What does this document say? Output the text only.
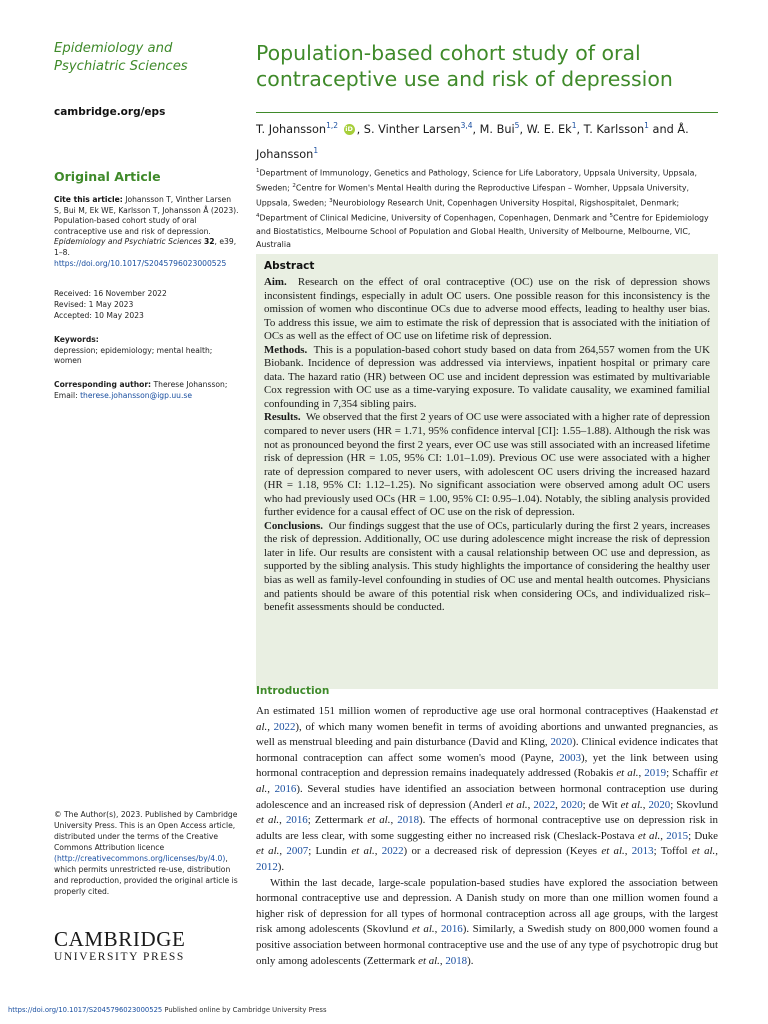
Epidemiology and Psychiatric Sciences

cambridge.org/eps
Original Article
Cite this article: Johansson T, Vinther Larsen S, Bui M, Ek WE, Karlsson T, Johansson Å (2023). Population-based cohort study of oral contraceptive use and risk of depression. Epidemiology and Psychiatric Sciences 32, e39, 1–8. https://doi.org/10.1017/S2045796023000525
Received: 16 November 2022
Revised: 1 May 2023
Accepted: 10 May 2023
Keywords:
depression; epidemiology; mental health; women
Corresponding author: Therese Johansson;
Email: therese.johansson@igp.uu.se
© The Author(s), 2023. Published by Cambridge University Press. This is an Open Access article, distributed under the terms of the Creative Commons Attribution licence (http://creativecommons.org/licenses/by/4.0), which permits unrestricted re-use, distribution and reproduction, provided the original article is properly cited.
CAMBRIDGE
UNIVERSITY PRESS
Population-based cohort study of oral contraceptive use and risk of depression
T. Johansson$^{1,2}$ iD , S. Vinther Larsen$^{3,4}$, M. Bui$^5$, W. E. Ek$^1$, T. Karlsson$^1$ and Å. Johansson$^1$
$^1$Department of Immunology, Genetics and Pathology, Science for Life Laboratory, Uppsala University, Uppsala, Sweden; $^2$Centre for Women's Mental Health during the Reproductive Lifespan – Womher, Uppsala University, Uppsala, Sweden; $^3$Neurobiology Research Unit, Copenhagen University Hospital, Rigshospitalet, Denmark; $^4$Department of Clinical Medicine, University of Copenhagen, Copenhagen, Denmark and $^5$Centre for Epidemiology and Biostatistics, Melbourne School of Population and Global Health, University of Melbourne, Melbourne, VIC, Australia
Abstract

Aim. Research on the effect of oral contraceptive (OC) use on the risk of depression shows inconsistent findings, especially in adult OC users. One possible reason for this inconsistency is the omission of women who discontinue OCs due to adverse mood effects, leading to healthy user bias. To address this issue, we aim to estimate the risk of depression that is associated with the initiation of OCs as well as the effect of OC use on lifetime risk of depression.

Methods. This is a population-based cohort study based on data from 264,557 women from the UK Biobank. Incidence of depression was addressed via interviews, inpatient hospital or primary care data. The hazard ratio (HR) between OC use and incident depression was estimated by multivariable Cox regression with OC use as a time-varying exposure. To validate causality, we examined familial confounding in 7,354 sibling pairs.

Results. We observed that the first 2 years of OC use were associated with a higher rate of depression compared to never users (HR = 1.71, 95% confidence interval [CI]: 1.55–1.88). Although the risk was not as pronounced beyond the first 2 years, ever OC use was still associated with an increased lifetime risk of depression (HR = 1.05, 95% CI: 1.01–1.09). Previous OC use were associated with a higher rate of depression compared to never users, with adolescent OC users driving the increased hazard (HR = 1.18, 95% CI: 1.12–1.25). No significant association were observed among adult OC users who had previously used OCs (HR = 1.00, 95% CI: 0.95–1.04). Notably, the sibling analysis provided further evidence for a causal effect of OC use on the risk of depression.

Conclusions. Our findings suggest that the use of OCs, particularly during the first 2 years, increases the risk of depression. Additionally, OC use during adolescence might increase the risk of depression later in life. Our results are consistent with a causal relationship between OC use and depression, as supported by the sibling analysis. This study highlights the importance of considering the healthy user bias as well as family-level confounding in studies of OC use and mental health outcomes. Physicians and patients should be aware of this potential risk when considering OCs, and individualized risk–benefit assessments should be conducted.

Introduction

An estimated 151 million women of reproductive age use oral hormonal contraceptives (Haakenstad et al., 2022), of which many women benefit in terms of avoiding abortions and unwanted pregnancies, as well as menstrual bleeding and pain disturbance (David and Kling, 2020). Clinical evidence indicates that hormonal contraception can affect some women's mood (Payne, 2003), yet the link between using hormonal contraception and depression remains inadequately addressed (Robakis et al., 2019; Schaffir et al., 2016). Several studies have identified an association between hormonal contraception use during adolescence and an increased risk of depression (Anderl et al., 2022, 2020; de Wit et al., 2020; Skovlund et al., 2016; Zettermark et al., 2018). The effects of hormonal contraceptive use on depression risk in adults are less clear, with some suggesting either no increased risk (Cheslack-Postava et al., 2015; Duke et al., 2007; Lundin et al., 2022) or a decreased risk of depression (Keyes et al., 2013; Toffol et al., 2012).

Within the last decade, large-scale population-based studies have explored the association between hormonal contraceptive use and depression. A Danish study on more than one million women found a higher risk of depression for all types of hormonal contraception across all age groups, with the largest risk among adolescents (Skovlund et al., 2016). Similarly, a Swedish study on 800,000 women found a positive association between hormonal contraceptive use and the use of any type of psychotropic drug but only among adolescents (Zettermark et al., 2018).

https://doi.org/10.1017/S2045796023000525 Published online by Cambridge University Press
